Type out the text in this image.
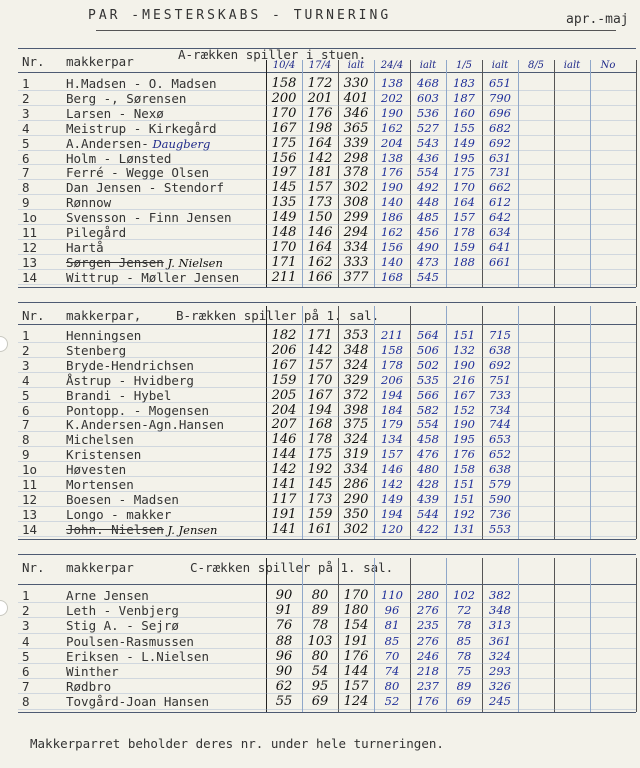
PAR -MESTERSKABS - TURNERING	apr.-maj
Nr. makkerpar	A-rækken spiller i stuen.
10/4	17/4	ialt	24/4	ialt	1/5	ialt	8/5	ialt	No
1	H.Madsen - O. Madsen	158 172 330	138	468	183	651
2	Berg -, Sørensen	200 201 401	202	603	187	790
3	Larsen - Nexø	170 176 346	190	536	160	696
4	Meistrup - Kirkegård	167 198 365	162	527	155	682
5	A.Andersen- Daugberg	175 164 339	204	543	149	692
6	Holm - Lønsted	156 142 298	138	436	195	631
7	Ferré - Wegge Olsen	197 181 378	176	554	175	731
8	Dan Jensen - Stendorf	145 157 302	190	492	170	662
9	Rønnow	135 173 308	140	448	164	612
1o Svensson - Finn Jensen	149 150 299	186	485	157	642
11 Pilegård	148 146 294	162	456	178	634
12 Hartå	170 164 334	156	490	159	641
13 Sørgen Jensen J. Nielsen	171 162 333	140	473	188	661
14 Wittrup - Møller Jensen	211 166 377	168	545
Nr. makkerpar,	B-rækken spiller på 1. sal.
1	Henningsen	182 171 353	211	564	151	715
2	Stenberg	206 142 348	158	506	132	638
3	Bryde-Hendrichsen	167 157 324	178	502	190	692
4	Åstrup - Hvidberg	159 170 329	206	535	216	751
5	Brandi - Hybel	205 167 372	194	566	167	733
6	Pontopp. - Mogensen	204 194 398	184	582	152	734
7	K.Andersen-Agn.Hansen	207 168 375	179	554	190	744
8	Michelsen	146 178 324	134	458	195	653
9	Kristensen	144 175 319	157	476	176	652
1o Høvesten	142 192 334	146	480	158	638
11 Mortensen	141 145 286	142	428	151	579
12 Boesen - Madsen	117 173 290	149	439	151	590
13 Longo - makker	191 159 350	194	544	192	736
14 John. Nielsen J. Jensen	141 161 302	120	422	131	553
Nr. makkerpar	C-rækken spiller på 1. sal.
1	Arne Jensen	90	80	170	110	280	102	382
2	Leth - Venbjerg	91	89	180	96	276	72	348
3	Stig A. - Sejrø	76	78	154	81	235	78	313
4	Poulsen-Rasmussen	88	103 191	85	276	85	361
5	Eriksen - L.Nielsen	96	80	176	70	246	78	324
6	Winther	90	54	144	74	218	75	293
7	Rødbro	62	95	157	80	237	89	326
8	Tovgård-Joan Hansen	55	69	124	52	176	69	245
Makkerparret beholder deres nr. under hele turneringen.
